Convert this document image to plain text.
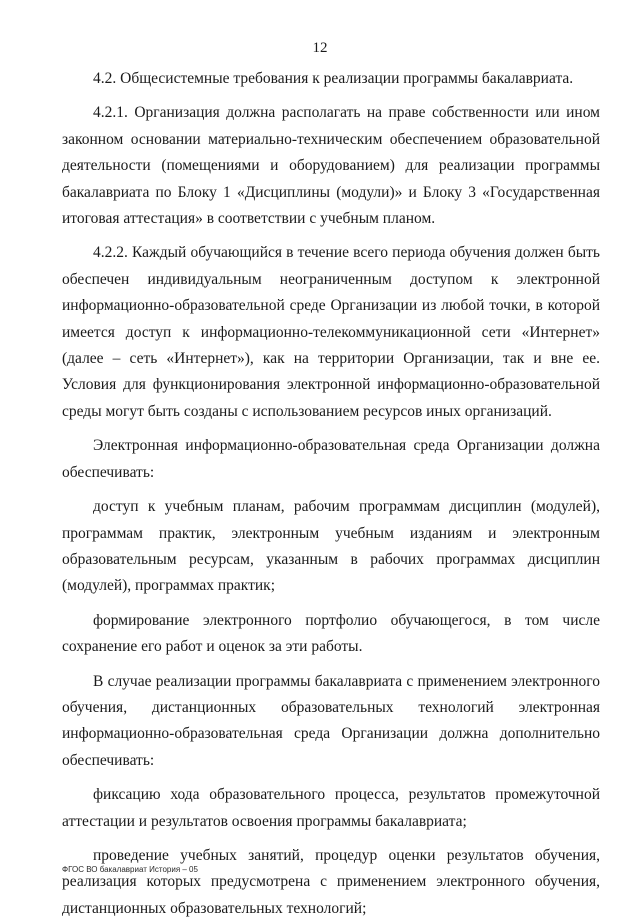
12

4.2. Общесистемные требования к реализации программы бакалавриата.

4.2.1. Организация должна располагать на праве собственности или ином законном основании материально-техническим обеспечением образовательной деятельности (помещениями и оборудованием) для реализации программы бакалавриата по Блоку 1 «Дисциплины (модули)» и Блоку 3 «Государственная итоговая аттестация» в соответствии с учебным планом.

4.2.2. Каждый обучающийся в течение всего периода обучения должен быть обеспечен индивидуальным неограниченным доступом к электронной информационно-образовательной среде Организации из любой точки, в которой имеется доступ к информационно-телекоммуникационной сети «Интернет» (далее – сеть «Интернет»), как на территории Организации, так и вне ее. Условия для функционирования электронной информационно-образовательной среды могут быть созданы с использованием ресурсов иных организаций.

Электронная информационно-образовательная среда Организации должна обеспечивать:

доступ к учебным планам, рабочим программам дисциплин (модулей), программам практик, электронным учебным изданиям и электронным образовательным ресурсам, указанным в рабочих программах дисциплин (модулей), программах практик;

формирование электронного портфолио обучающегося, в том числе сохранение его работ и оценок за эти работы.

В случае реализации программы бакалавриата с применением электронного обучения, дистанционных образовательных технологий электронная информационно-образовательная среда Организации должна дополнительно обеспечивать:

фиксацию хода образовательного процесса, результатов промежуточной аттестации и результатов освоения программы бакалавриата;

проведение учебных занятий, процедур оценки результатов обучения, реализация которых предусмотрена с применением электронного обучения, дистанционных образовательных технологий;

ФГОС ВО бакалавриат История – 05
